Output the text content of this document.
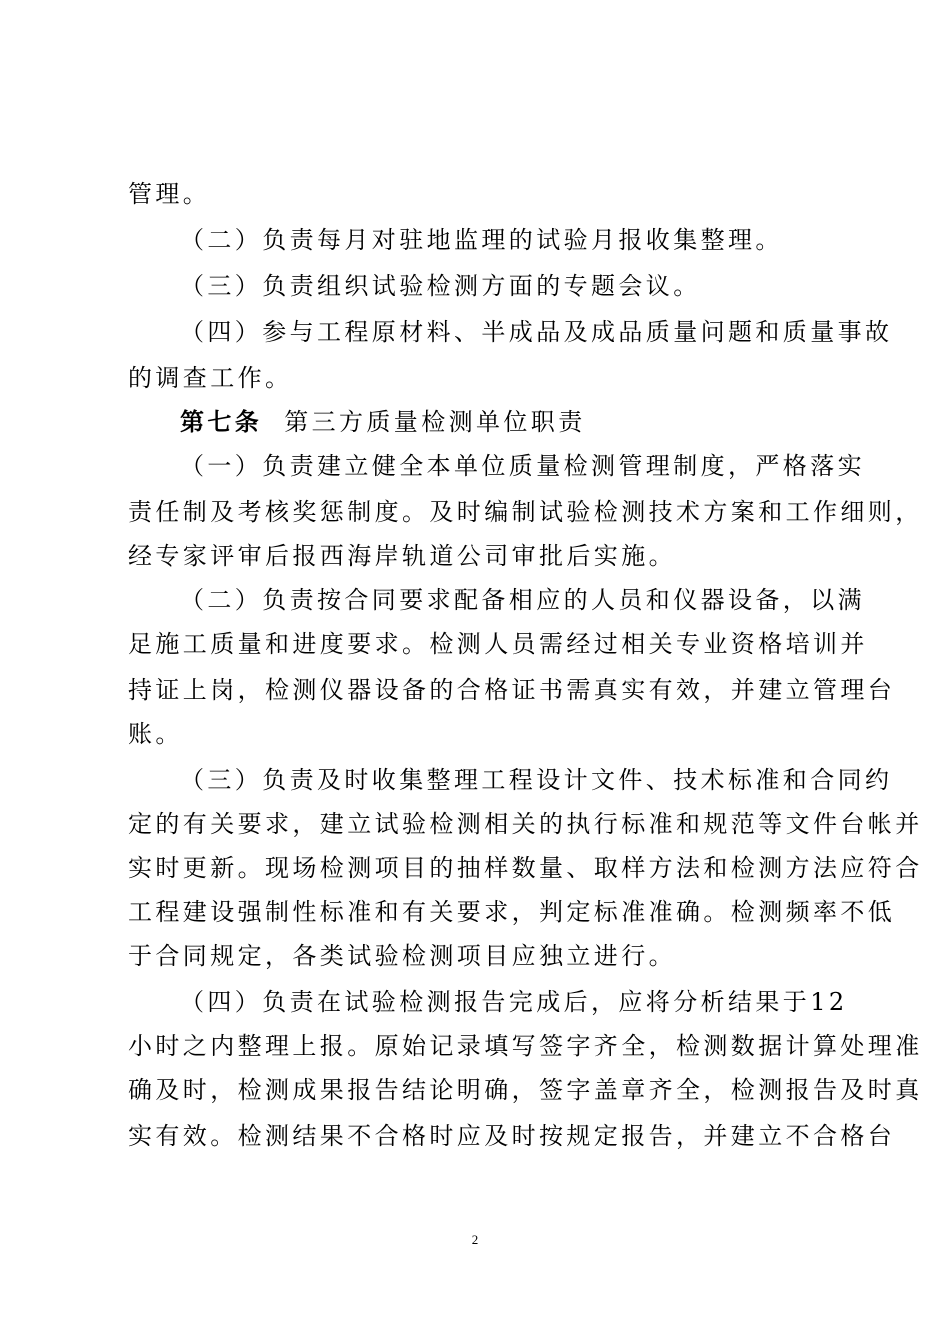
管理。
（二）负责每月对驻地监理的试验月报收集整理。
（三）负责组织试验检测方面的专题会议。
（四）参与工程原材料、半成品及成品质量问题和质量事故
的调查工作。
第七条 第三方质量检测单位职责
（一）负责建立健全本单位质量检测管理制度，严格落实
责任制及考核奖惩制度。及时编制试验检测技术方案和工作细则，
经专家评审后报西海岸轨道公司审批后实施。
（二）负责按合同要求配备相应的人员和仪器设备，以满
足施工质量和进度要求。检测人员需经过相关专业资格培训并
持证上岗，检测仪器设备的合格证书需真实有效，并建立管理台
账。
（三）负责及时收集整理工程设计文件、技术标准和合同约
定的有关要求，建立试验检测相关的执行标准和规范等文件台帐并
实时更新。现场检测项目的抽样数量、取样方法和检测方法应符合
工程建设强制性标准和有关要求，判定标准准确。检测频率不低
于合同规定，各类试验检测项目应独立进行。
（四）负责在试验检测报告完成后，应将分析结果于12
小时之内整理上报。原始记录填写签字齐全，检测数据计算处理准
确及时，检测成果报告结论明确，签字盖章齐全，检测报告及时真
实有效。检测结果不合格时应及时按规定报告，并建立不合格台
2
